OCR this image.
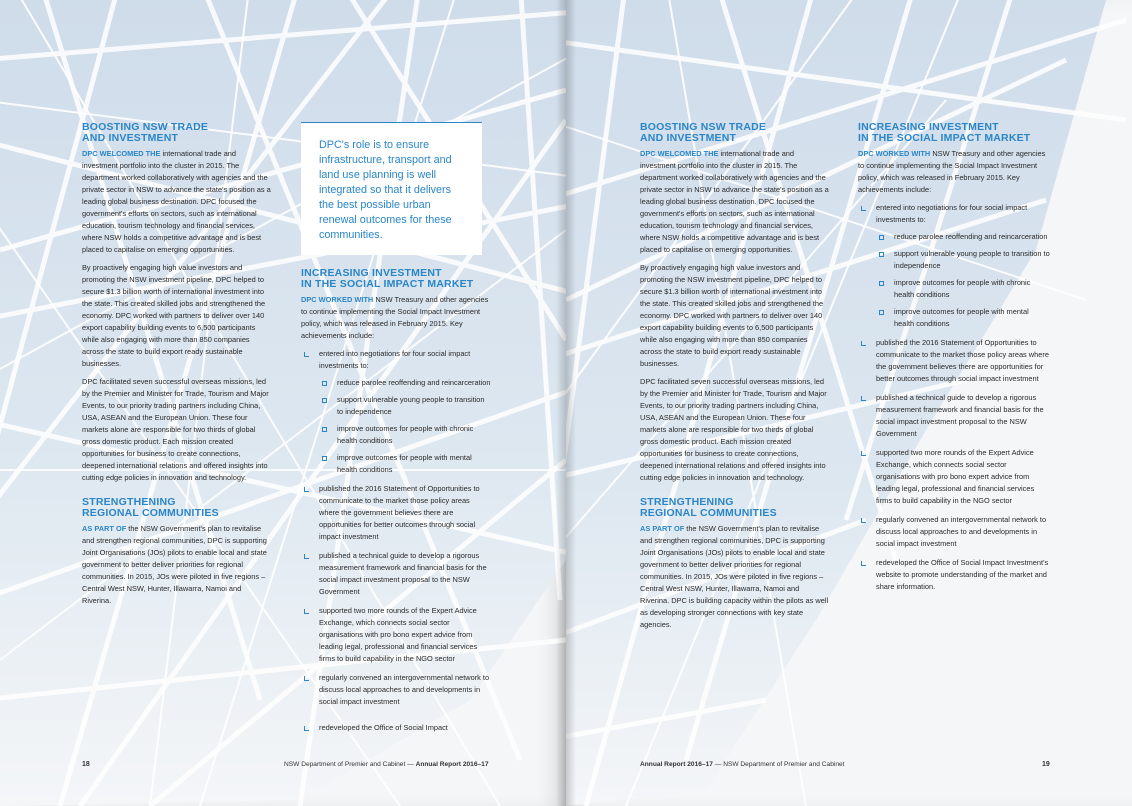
BOOSTING NSW TRADE
AND INVESTMENT

DPC WELCOMED THE international trade and investment portfolio into the cluster in 2015. The department worked collaboratively with agencies and the private sector in NSW to advance the state's position as a leading global business destination. DPC focused the government's efforts on sectors, such as international education, tourism technology and financial services, where NSW holds a competitive advantage and is best placed to capitalise on emerging opportunities.

By proactively engaging high value investors and promoting the NSW investment pipeline, DPC helped to secure $1.3 billion worth of international investment into the state. This created skilled jobs and strengthened the economy. DPC worked with partners to deliver over 140 export capability building events to 6,500 participants while also engaging with more than 850 companies across the state to build export ready sustainable businesses.

DPC facilitated seven successful overseas missions, led by the Premier and Minister for Trade, Tourism and Major Events, to our priority trading partners including China, USA, ASEAN and the European Union. These four markets alone are responsible for two thirds of global gross domestic product. Each mission created opportunities for business to create connections, deepened international relations and offered insights into cutting edge policies in innovation and technology.

STRENGTHENING
REGIONAL COMMUNITIES

AS PART OF the NSW Government's plan to revitalise and strengthen regional communities, DPC is supporting Joint Organisations (JOs) pilots to enable local and state government to better deliver priorities for regional communities. In 2015, JOs were piloted in five regions – Central West NSW, Hunter, Illawarra, Namoi and Riverina.

DPC's role is to ensure infrastructure, transport and land use planning is well integrated so that it delivers the best possible urban renewal outcomes for these communities.
INCREASING INVESTMENT
IN THE SOCIAL IMPACT MARKET

DPC WORKED WITH NSW Treasury and other agencies to continue implementing the Social Impact Investment policy, which was released in February 2015. Key achievements include:

entered into negotiations for four social impact investments to:
reduce parolee reoffending and reincarceration
support vulnerable young people to transition to independence
improve outcomes for people with chronic health conditions
improve outcomes for people with mental health conditions
published the 2016 Statement of Opportunities to communicate to the market those policy areas where the government believes there are opportunities for better outcomes through social impact investment
published a technical guide to develop a rigorous measurement framework and financial basis for the social impact investment proposal to the NSW Government
supported two more rounds of the Expert Advice Exchange, which connects social sector organisations with pro bono expert advice from leading legal, professional and financial services firms to build capability in the NGO sector
regularly convened an intergovernmental network to discuss local approaches to and developments in social impact investment
redeveloped the Office of Social Impact
18	NSW Department of Premier and Cabinet — Annual Report 2016–17
BOOSTING NSW TRADE
AND INVESTMENT

DPC WELCOMED THE international trade and investment portfolio into the cluster in 2015. The department worked collaboratively with agencies and the private sector in NSW to advance the state's position as a leading global business destination. DPC focused the government's efforts on sectors, such as international education, tourism technology and financial services, where NSW holds a competitive advantage and is best placed to capitalise on emerging opportunities.

By proactively engaging high value investors and promoting the NSW investment pipeline, DPC helped to secure $1.3 billion worth of international investment into the state. This created skilled jobs and strengthened the economy. DPC worked with partners to deliver over 140 export capability building events to 6,500 participants while also engaging with more than 850 companies across the state to build export ready sustainable businesses.

DPC facilitated seven successful overseas missions, led by the Premier and Minister for Trade, Tourism and Major Events, to our priority trading partners including China, USA, ASEAN and the European Union. These four markets alone are responsible for two thirds of global gross domestic product. Each mission created opportunities for business to create connections, deepened international relations and offered insights into cutting edge policies in innovation and technology.

STRENGTHENING
REGIONAL COMMUNITIES

AS PART OF the NSW Government's plan to revitalise and strengthen regional communities, DPC is supporting Joint Organisations (JOs) pilots to enable local and state government to better deliver priorities for regional communities. In 2015, JOs were piloted in five regions – Central West NSW, Hunter, Illawarra, Namoi and Riverina. DPC is building capacity within the pilots as well as developing stronger connections with key state agencies.

INCREASING INVESTMENT
IN THE SOCIAL IMPACT MARKET

DPC WORKED WITH NSW Treasury and other agencies to continue implementing the Social Impact Investment policy, which was released in February 2015. Key achievements include:

entered into negotiations for four social impact investments to:
reduce parolee reoffending and reincarceration
support vulnerable young people to transition to independence
improve outcomes for people with chronic health conditions
improve outcomes for people with mental health conditions
published the 2016 Statement of Opportunities to communicate to the market those policy areas where the government believes there are opportunities for better outcomes through social impact investment
published a technical guide to develop a rigorous measurement framework and financial basis for the social impact investment proposal to the NSW Government
supported two more rounds of the Expert Advice Exchange, which connects social sector organisations with pro bono expert advice from leading legal, professional and financial services firms to build capability in the NGO sector
regularly convened an intergovernmental network to discuss local approaches to and developments in social impact investment
redeveloped the Office of Social Impact Investment's website to promote understanding of the market and share information.
Annual Report 2016–17 — NSW Department of Premier and Cabinet	19
